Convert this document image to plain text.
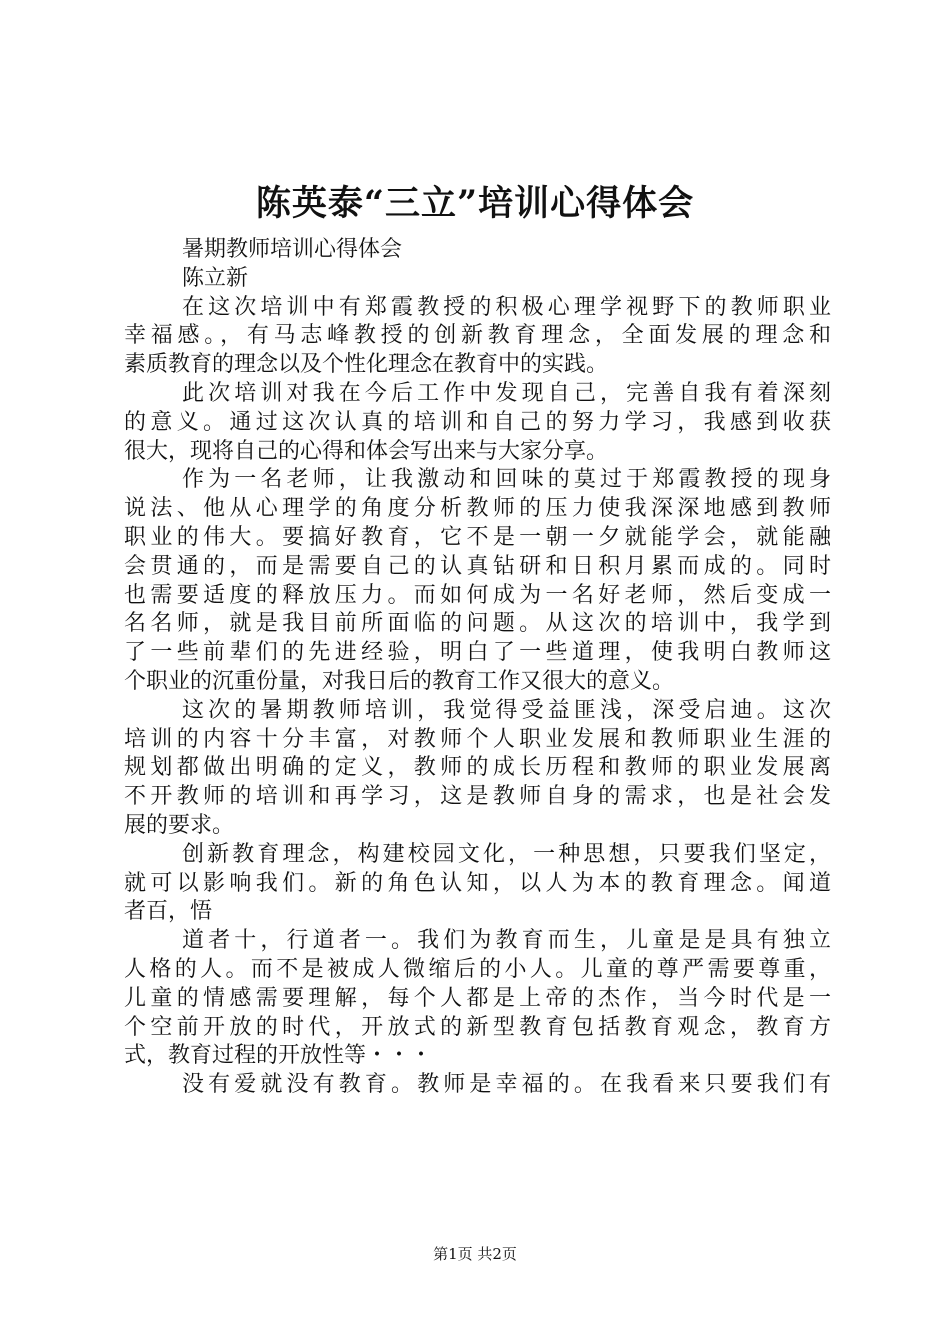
陈英泰“三立”培训心得体会
暑期教师培训心得体会
陈立新
在这次培训中有郑霞教授的积极心理学视野下的教师职业
幸福感。，有马志峰教授的创新教育理念，全面发展的理念和
素质教育的理念以及个性化理念在教育中的实践。
此次培训对我在今后工作中发现自己，完善自我有着深刻
的意义。通过这次认真的培训和自己的努力学习，我感到收获
很大，现将自己的心得和体会写出来与大家分享。
作为一名老师，让我激动和回味的莫过于郑霞教授的现身
说法、他从心理学的角度分析教师的压力使我深深地感到教师
职业的伟大。要搞好教育，它不是一朝一夕就能学会，就能融
会贯通的，而是需要自己的认真钻研和日积月累而成的。同时
也需要适度的释放压力。而如何成为一名好老师，然后变成一
名名师，就是我目前所面临的问题。从这次的培训中，我学到
了一些前辈们的先进经验，明白了一些道理，使我明白教师这
个职业的沉重份量，对我日后的教育工作又很大的意义。
这次的暑期教师培训，我觉得受益匪浅，深受启迪。这次
培训的内容十分丰富，对教师个人职业发展和教师职业生涯的
规划都做出明确的定义，教师的成长历程和教师的职业发展离
不开教师的培训和再学习，这是教师自身的需求，也是社会发
展的要求。
创新教育理念，构建校园文化，一种思想，只要我们坚定，
就可以影响我们。新的角色认知，以人为本的教育理念。闻道
者百，悟
道者十，行道者一。我们为教育而生，儿童是是具有独立
人格的人。而不是被成人微缩后的小人。儿童的尊严需要尊重，
儿童的情感需要理解，每个人都是上帝的杰作，当今时代是一
个空前开放的时代，开放式的新型教育包括教育观念，教育方
式，教育过程的开放性等・・・
没有爱就没有教育。教师是幸福的。在我看来只要我们有
第1页 共2页
